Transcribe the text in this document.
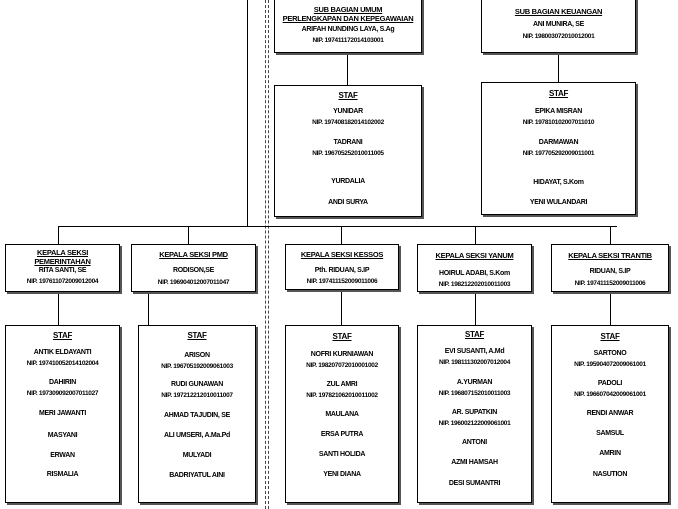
SUB BAGIAN UMUM
PERLENGKAPAN DAN KEPEGAWAIAN
ARIFAH NUNDING LAYA, S.Ag
NIP. 197411172014103001
SUB BAGIAN KEUANGAN
ANI MUNIRA, SE
NIP. 198003072010012001
STAF
YUNIDAR
NIP. 197408182014102002
TADRANI
NIP. 196705252010011005
YURDALIA
ANDI SURYA
STAF
EPIKA MISRAN
NIP. 197810102007011010
DARMAWAN
NIP. 197705292009011001
HIDAYAT, S.Kom
YENI WULANDARI
KEPALA SEKSI
PEMERINTAHAN
RITA SANTI, SE
NIP. 197611072009012004
KEPALA SEKSI PMD
RODISON,SE
NIP. 196904012007011047
KEPALA SEKSI KESSOS
Pth. RIDUAN, S.IP
NIP. 197411152009011006
KEPALA SEKSI YANUM
HOIRUL ADABI, S.Kom
NIP. 198212202010011003
KEPALA SEKSI TRANTIB
RIDUAN, S.IP
NIP. 197411152009011006
STAF
ANTIK ELDAYANTI
NIP. 197410052014102004
DAHIRIN
NIP. 197309092007011027
MERI JAWANTI
MASYANI
ERWAN
RISMALIA
STAF
ARISON
NIP. 196705192009061003
RUDI GUNAWAN
NIP. 197212212010011007
AHMAD TAJUDIN, SE
ALI UMSERI, A.Ma.Pd
MULYADI
BADRIYATUL AINI
STAF
NOFRI KURNIAWAN
NIP. 198207072010001002
ZUL AMRI
NIP. 197821062010011002
MAULANA
ERSA PUTRA
SANTI HOLIDA
YENI DIANA
STAF
EVI SUSANTI, A.Md
NIP. 198111302007012004
A.YURMAN
NIP. 196807152010011003
AR. SUPATKIN
NIP. 196002122009061001
ANTONI
AZMI HAMSAH
DESI SUMANTRI
STAF
SARTONO
NIP. 195904072009061001
PADOLI
NIP. 196607042009061001
RENDI ANWAR
SAMSUL
AMRIN
NASUTION
